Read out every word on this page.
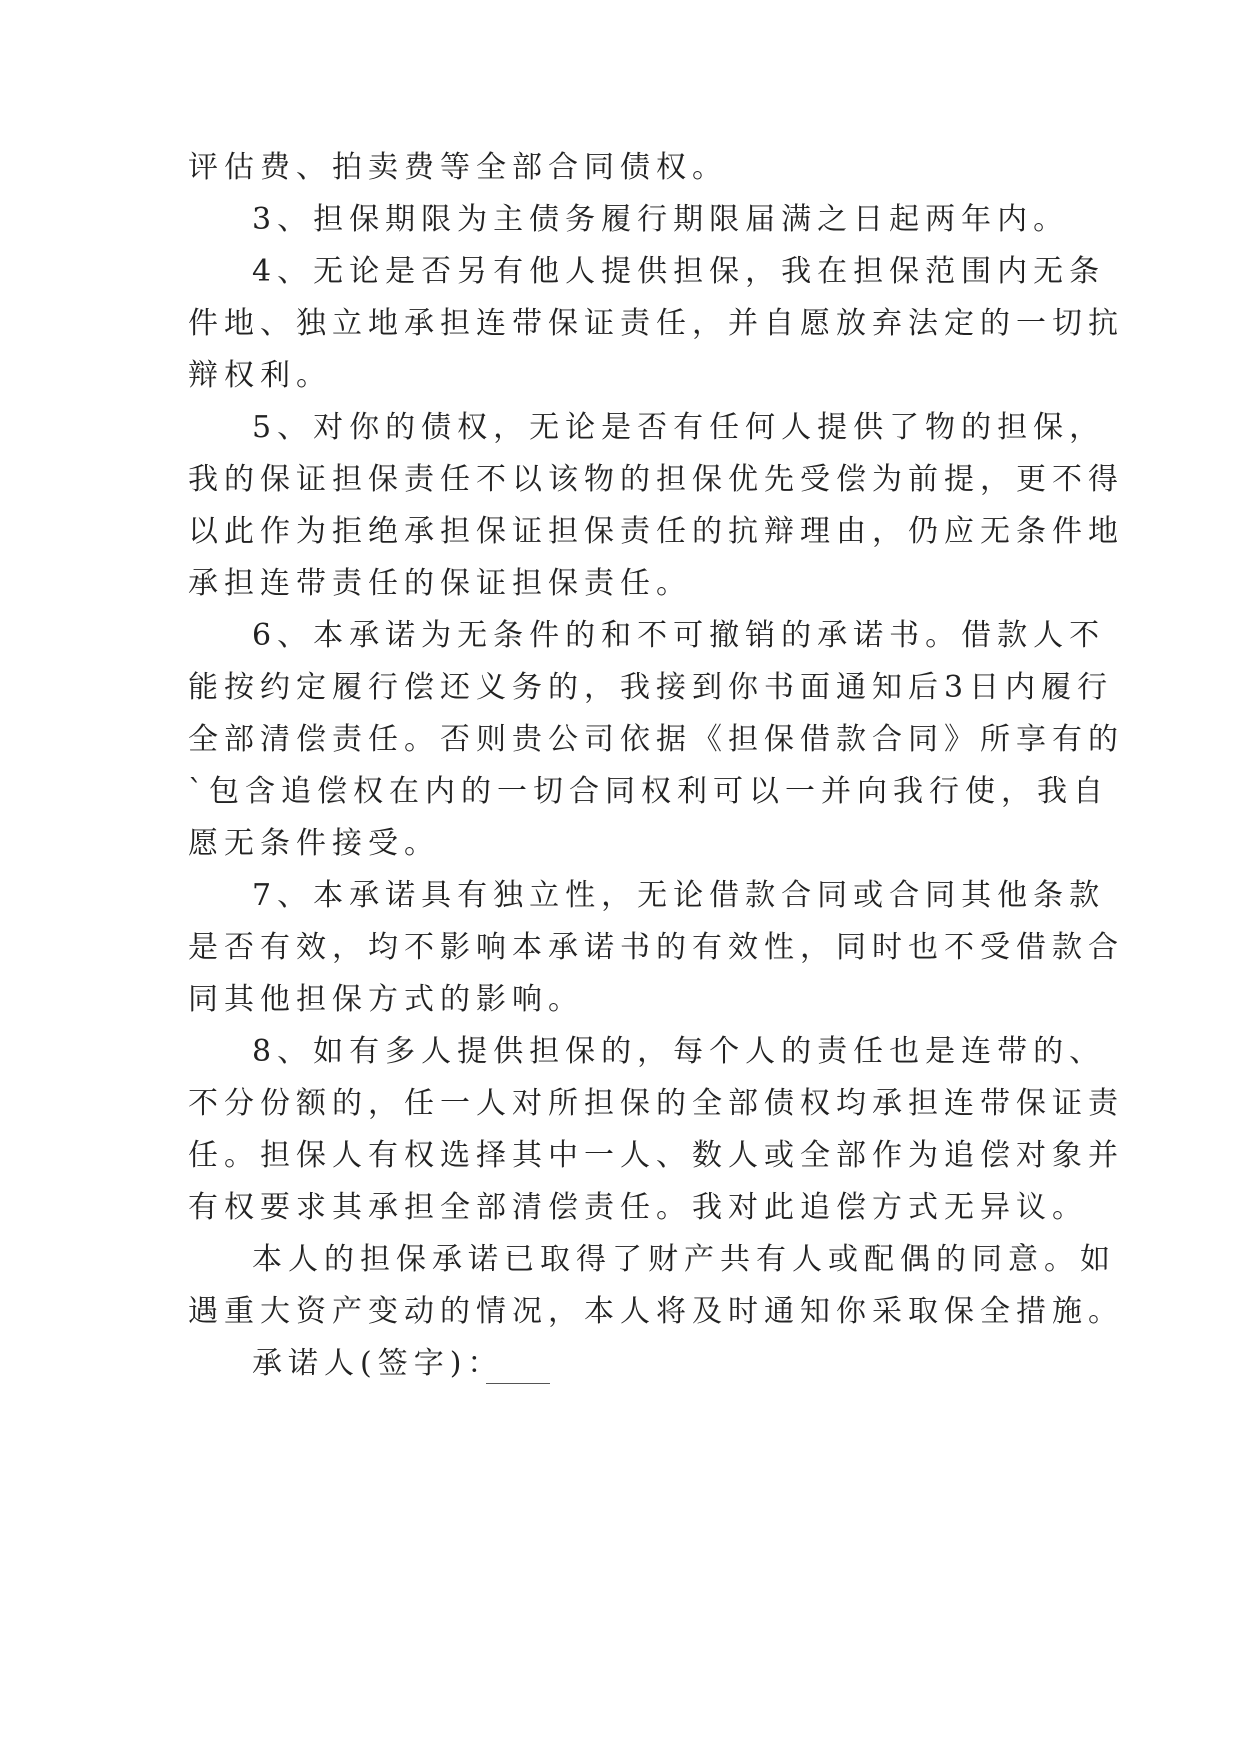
评估费、拍卖费等全部合同债权。
3、担保期限为主债务履行期限届满之日起两年内。
4、无论是否另有他人提供担保，我在担保范围内无条
件地、独立地承担连带保证责任，并自愿放弃法定的一切抗
辩权利。
5、对你的债权，无论是否有任何人提供了物的担保，
我的保证担保责任不以该物的担保优先受偿为前提，更不得
以此作为拒绝承担保证担保责任的抗辩理由，仍应无条件地
承担连带责任的保证担保责任。
6、本承诺为无条件的和不可撤销的承诺书。借款人不
能按约定履行偿还义务的，我接到你书面通知后3日内履行
全部清偿责任。否则贵公司依据《担保借款合同》所享有的
`包含追偿权在内的一切合同权利可以一并向我行使，我自
愿无条件接受。
7、本承诺具有独立性，无论借款合同或合同其他条款
是否有效，均不影响本承诺书的有效性，同时也不受借款合
同其他担保方式的影响。
8、如有多人提供担保的，每个人的责任也是连带的、
不分份额的，任一人对所担保的全部债权均承担连带保证责
任。担保人有权选择其中一人、数人或全部作为追偿对象并
有权要求其承担全部清偿责任。我对此追偿方式无异议。
本人的担保承诺已取得了财产共有人或配偶的同意。如
遇重大资产变动的情况，本人将及时通知你采取保全措施。
承诺人(签字)：
